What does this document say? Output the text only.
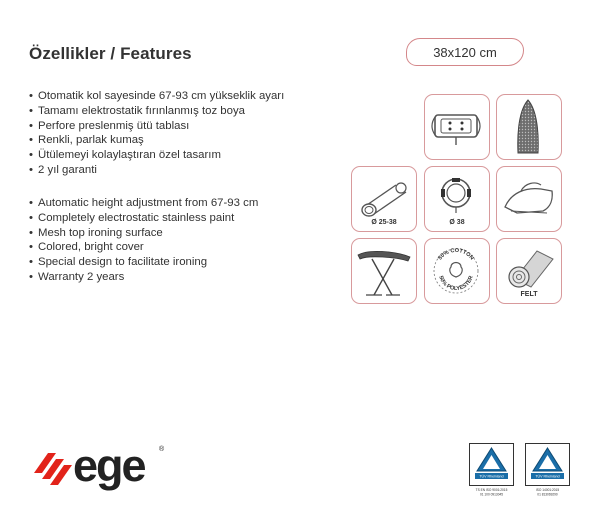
Özellikler / Features	38x120 cm
• Otomatik kol sayesinde 67-93 cm yükseklik ayarı
• Tamamı elektrostatik fırınlanmış toz boya
• Perfore preslenmiş ütü tablası
• Renkli, parlak kumaş
• Ütülemeyi kolaylaştıran özel tasarım
• 2 yıl garanti
• Automatic height adjustment from 67-93 cm
• Completely electrostatic stainless paint
• Mesh top ironing surface
• Colored, bright cover
• Special design to facilitate ironing
• Warranty 2 years
Ø 25-38	Ø 38
50% COTTON
50% POLYESTER
FELT
ege ®
TÜV Rheinland
TS EN ISO 9001:2015
01 100 0913045
TÜV Rheinland
ISO 14001:2015
01 813069290
